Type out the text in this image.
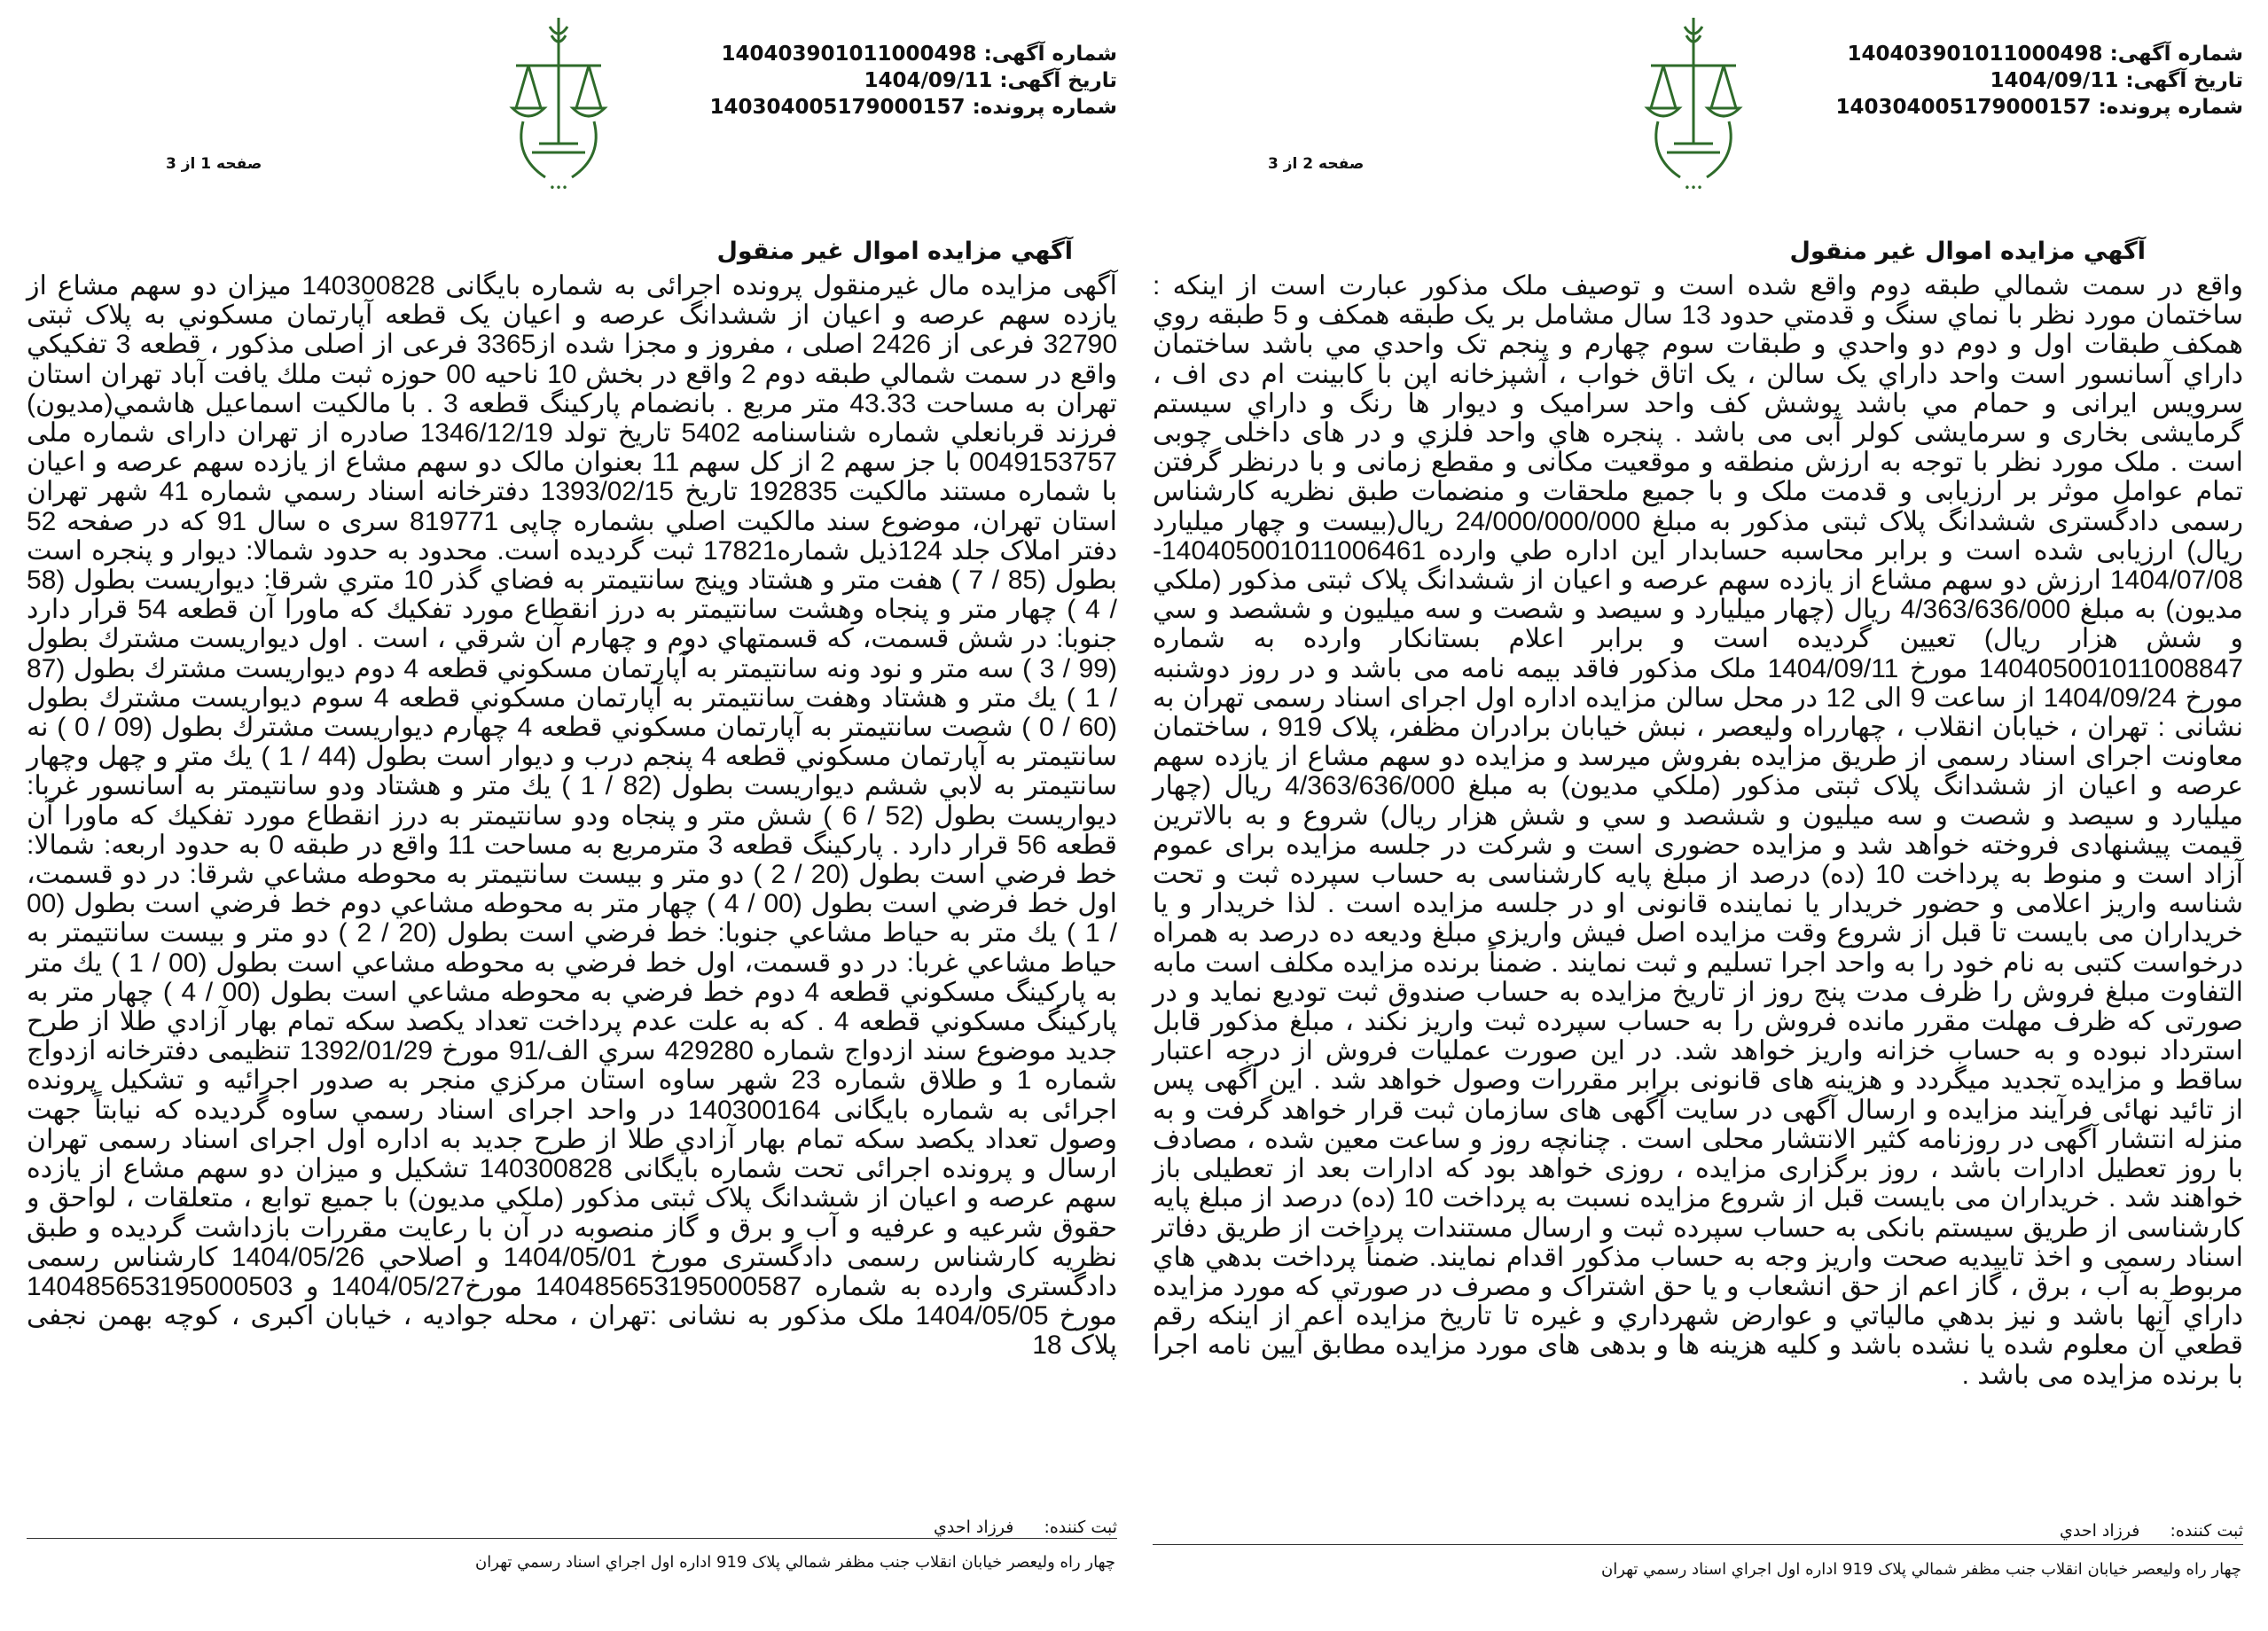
•••
شماره آگهی: 140403901011000498
تاریخ آگهی: 1404/09/11
شماره پرونده: 140304005179000157
صفحه 1 از 3
آگهي مزايده اموال غير منقول

آگهی مزایده مال غیرمنقول پرونده اجرائی به شماره بایگانی 140300828 میزان دو سهم مشاع از یازده سهم عرصه و اعیان از ششدانگ عرصه و اعیان یک قطعه آپارتمان مسكوني به پلاک ثبتی 32790 فرعی از 2426 اصلی ، مفروز و مجزا شده از3365 فرعی از اصلی مذکور ، قطعه 3 تفكيكي واقع در سمت شمالي طبقه دوم 2 واقع در بخش 10 ناحيه 00 حوزه ثبت ملك يافت آباد تهران استان تهران به مساحت 43.33 متر مربع . بانضمام پاركينگ قطعه 3 . با مالكيت اسماعيل هاشمي(مديون) فرزند قربانعلي شماره شناسنامه 5402 تاريخ تولد 1346/12/19 صادره از تهران دارای شماره ملی 0049153757 با جز سهم 2 از کل سهم 11 بعنوان مالک دو سهم مشاع از يازده سهم عرصه و اعيان با شماره مستند مالكيت 192835 تاريخ 1393/02/15 دفترخانه اسناد رسمي شماره 41 شهر تهران استان تهران، موضوع سند مالکیت اصلي بشماره چاپی 819771 سری ه سال 91 که در صفحه 52 دفتر املاک جلد 124ذیل شماره17821 ثبت گرديده است. محدود به حدود شمالا: ديوار و پنجره است بطول (85 / 7 ) هفت متر و هشتاد وپنج سانتيمتر به فضاي گذر 10 متري شرقا: ديواريست بطول (58 / 4 ) چهار متر و پنجاه وهشت سانتيمتر به درز انقطاع مورد تفكيك كه ماورا آن قطعه 54 قرار دارد جنوبا: در شش قسمت، كه قسمتهاي دوم و چهارم آن شرقي ، است . اول ديواريست مشترك بطول (99 / 3 ) سه متر و نود ونه سانتيمتر به آپارتمان مسكوني قطعه 4 دوم ديواريست مشترك بطول (87 / 1 ) يك متر و هشتاد وهفت سانتيمتر به آپارتمان مسكوني قطعه 4 سوم ديواريست مشترك بطول (60 / 0 ) شصت سانتيمتر به آپارتمان مسكوني قطعه 4 چهارم ديواريست مشترك بطول (09 / 0 ) نه سانتيمتر به آپارتمان مسكوني قطعه 4 پنجم درب و ديوار است بطول (44 / 1 ) يك متر و چهل وچهار سانتيمتر به لابي ششم ديواريست بطول (82 / 1 ) يك متر و هشتاد ودو سانتيمتر به آسانسور غربا: ديواريست بطول (52 / 6 ) شش متر و پنجاه ودو سانتيمتر به درز انقطاع مورد تفكيك كه ماورا آن قطعه 56 قرار دارد . پاركينگ قطعه 3 مترمربع به مساحت 11 واقع در طبقه 0 به حدود اربعه: شمالا: خط فرضي است بطول (20 / 2 ) دو متر و بيست سانتيمتر به محوطه مشاعي شرقا: در دو قسمت، اول خط فرضي است بطول (00 / 4 ) چهار متر به محوطه مشاعي دوم خط فرضي است بطول (00 / 1 ) يك متر به حياط مشاعي جنوبا: خط فرضي است بطول (20 / 2 ) دو متر و بيست سانتيمتر به حياط مشاعي غربا: در دو قسمت، اول خط فرضي به محوطه مشاعي است بطول (00 / 1 ) يك متر به پاركينگ مسكوني قطعه 4 دوم خط فرضي به محوطه مشاعي است بطول (00 / 4 ) چهار متر به پاركينگ مسكوني قطعه 4 . كه به علت عدم پرداخت تعداد یکصد سکه تمام بهار آزادي طلا از طرح جدید موضوع سند ازدواج شماره 429280 سري الف/91 مورخ 1392/01/29 تنظيمی دفترخانه ازدواج شماره 1 و طلاق شماره 23 شهر ساوه استان مرکزي منجر به صدور اجرائيه و تشكيل پرونده اجرائی به شماره بایگانی 140300164 در واحد اجرای اسناد رسمي ساوه گرديده كه نيابتاً جهت وصول تعداد یکصد سکه تمام بهار آزادي طلا از طرح جديد به اداره اول اجرای اسناد رسمی تهران ارسال و پرونده اجرائی تحت شماره بایگانی 140300828 تشکیل و ميزان دو سهم مشاع از يازده سهم عرصه و اعيان از ششدانگ پلاک ثبتی مذکور (ملکي مديون) با جميع توابع ، متعلقات ، لواحق و حقوق شرعیه و عرفیه و آب و برق و گاز منصوبه در آن با رعايت مقررات بازداشت گرديده و طبق نظريه كارشناس رسمی دادگستری مورخ 1404/05/01 و اصلاحي 1404/05/26 کارشناس رسمی دادگستری وارده به شماره 140485653195000587 مورخ1404/05/27 و 140485653195000503 مورخ 1404/05/05 ملک مذکور به نشانی :تهران ، محله جواديه ، خيابان اكبری ، کوچه بهمن نجفی پلاک 18

ثبت کننده: فرزاد احدي
چهار راه وليعصر خيابان انقلاب جنب مظفر شمالي پلاک 919 اداره اول اجراي اسناد رسمي تهران
•••
شماره آگهی: 140403901011000498
تاریخ آگهی: 1404/09/11
شماره پرونده: 140304005179000157
صفحه 2 از 3
آگهي مزايده اموال غير منقول

واقع در سمت شمالي طبقه دوم واقع شده است و توصيف ملک مذکور عبارت است از اينکه : ساختمان مورد نظر با نماي سنگ و قدمتي حدود 13 سال مشامل بر يک طبقه همکف و 5 طبقه روي همکف طبقات اول و دوم دو واحدي و طبقات سوم چهارم و پنجم تک واحدي مي باشد ساختمان داراي آسانسور است واحد داراي يک سالن ، يک اتاق خواب ، آشپزخانه اپن با کابينت ام دی اف ، سرويس ايرانی و حمام مي باشد پوشش کف واحد سراميک و ديوار ها رنگ و داراي سيستم گرمايشی بخاری و سرمايشی کولر آبی می باشد . پنجره هاي واحد فلزي و در های داخلی چوبی است . ملک مورد نظر با توجه به ارزش منطقه و موقعيت مکانی و مقطع زمانی و با درنظر گرفتن تمام عوامل موثر بر ارزيابی و قدمت ملک و با جميع ملحقات و منضمات طبق نظريه کارشناس رسمی دادگستری ششدانگ پلاک ثبتی مذکور به مبلغ 24/000/000/000 ريال(بيست و چهار ميليارد ريال) ارزيابی شده است و برابر محاسبه حسابدار اين اداره طي وارده 140405001011006461- 1404/07/08 ارزش دو سهم مشاع از يازده سهم عرصه و اعيان از ششدانگ پلاک ثبتی مذکور (ملکي مديون) به مبلغ 4/363/636/000 ريال (چهار ميليارد و سيصد و شصت و سه ميليون و ششصد و سي و شش هزار ريال) تعيين گرديده است و برابر اعلام بستانکار وارده به شماره 140405001011008847 مورخ 1404/09/11 ملک مذکور فاقد بيمه نامه می باشد و در روز دوشنبه مورخ 1404/09/24 از ساعت 9 الی 12 در محل سالن مزايده اداره اول اجرای اسناد رسمی تهران به نشانی : تهران ، خيابان انقلاب ، چهارراه وليعصر ، نبش خيابان برادران مظفر، پلاک 919 ، ساختمان معاونت اجرای اسناد رسمی از طريق مزايده بفروش ميرسد و مزايده دو سهم مشاع از يازده سهم عرصه و اعيان از ششدانگ پلاک ثبتی مذکور (ملکي مديون) به مبلغ 4/363/636/000 ريال (چهار ميليارد و سيصد و شصت و سه ميليون و ششصد و سي و شش هزار ريال) شروع و به بالاترين قيمت پيشنهادی فروخته خواهد شد و مزايده حضوری است و شرکت در جلسه مزايده برای عموم آزاد است و منوط به پرداخت 10 (ده) درصد از مبلغ پايه کارشناسی به حساب سپرده ثبت و تحت شناسه واريز اعلامی و حضور خريدار يا نماينده قانونی او در جلسه مزايده است . لذا خريدار و يا خريداران می بايست تا قبل از شروع وقت مزايده اصل فيش واريزی مبلغ وديعه ده درصد به همراه درخواست کتبی به نام خود را به واحد اجرا تسليم و ثبت نمايند . ضمناً برنده مزايده مکلف است مابه التفاوت مبلغ فروش را ظرف مدت پنج روز از تاريخ مزايده به حساب صندوق ثبت توديع نمايد و در صورتی که ظرف مهلت مقرر مانده فروش را به حساب سپرده ثبت واريز نکند ، مبلغ مذکور قابل استرداد نبوده و به حساب خزانه واريز خواهد شد. در اين صورت عمليات فروش از درجه اعتبار ساقط و مزايده تجديد ميگردد و هزينه های قانونی برابر مقررات وصول خواهد شد . اين آگهی پس از تائيد نهائی فرآيند مزايده و ارسال آگهی در سايت آگهی های سازمان ثبت قرار خواهد گرفت و به منزله انتشار آگهی در روزنامه کثير الانتشار محلی است . چنانچه روز و ساعت معين شده ، مصادف با روز تعطيل ادارات باشد ، روز برگزاری مزايده ، روزی خواهد بود که ادارات بعد از تعطيلی باز خواهند شد . خريداران می بايست قبل از شروع مزايده نسبت به پرداخت 10 (ده) درصد از مبلغ پايه کارشناسی از طريق سيستم بانکی به حساب سپرده ثبت و ارسال مستندات پرداخت از طريق دفاتر اسناد رسمی و اخذ تاييديه صحت واريز وجه به حساب مذکور اقدام نمايند. ضمناً پرداخت بدهي هاي مربوط به آب ، برق ، گاز اعم از حق انشعاب و يا حق اشتراک و مصرف در صورتي که مورد مزايده داراي آنها باشد و نيز بدهي مالياتي و عوارض شهرداري و غيره تا تاريخ مزايده اعم از اينکه رقم قطعي آن معلوم شده يا نشده باشد و کليه هزينه ها و بدهی های مورد مزايده مطابق آيين نامه اجرا با برنده مزايده می باشد .

ثبت کننده: فرزاد احدي
چهار راه وليعصر خيابان انقلاب جنب مظفر شمالي پلاک 919 اداره اول اجراي اسناد رسمي تهران
